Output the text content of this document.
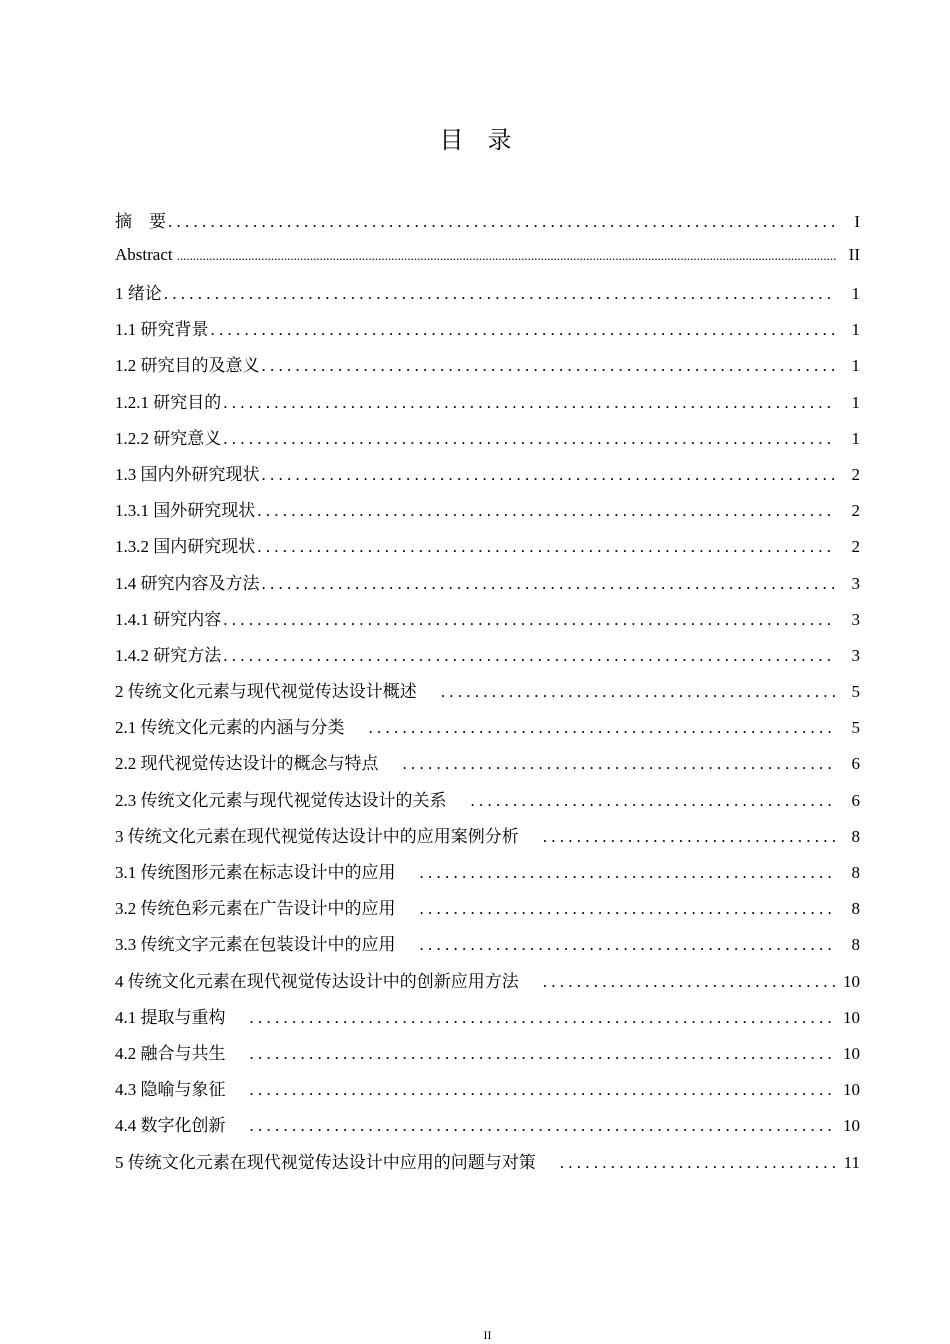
目录
摘　要 . . .	I
Abstract .....	II
1 绪论 . . .	1
1.1 研究背景 . . .	1
1.2 研究目的及意义 . . .	1
1.2.1 研究目的 . . .	1
1.2.2 研究意义 . . .	1
1.3 国内外研究现状 . . .	2
1.3.1 国外研究现状 . . .	2
1.3.2 国内研究现状 . . .	2
1.4 研究内容及方法 . . .	3
1.4.1 研究内容 . . .	3
1.4.2 研究方法 . . .	3
2 传统文化元素与现代视觉传达设计概述 . . .	5
2.1 传统文化元素的内涵与分类 . . .	5
2.2 现代视觉传达设计的概念与特点 . . .	6
2.3 传统文化元素与现代视觉传达设计的关系 . . .	6
3 传统文化元素在现代视觉传达设计中的应用案例分析 . . .	8
3.1 传统图形元素在标志设计中的应用 . . .	8
3.2 传统色彩元素在广告设计中的应用 . . .	8
3.3 传统文字元素在包装设计中的应用 . . .	8
4 传统文化元素在现代视觉传达设计中的创新应用方法 . . .	10
4.1 提取与重构 . . .	10
4.2 融合与共生 . . .	10
4.3 隐喻与象征 . . .	10
4.4 数字化创新 . . .	10
5 传统文化元素在现代视觉传达设计中应用的问题与对策 . . .	11
II
